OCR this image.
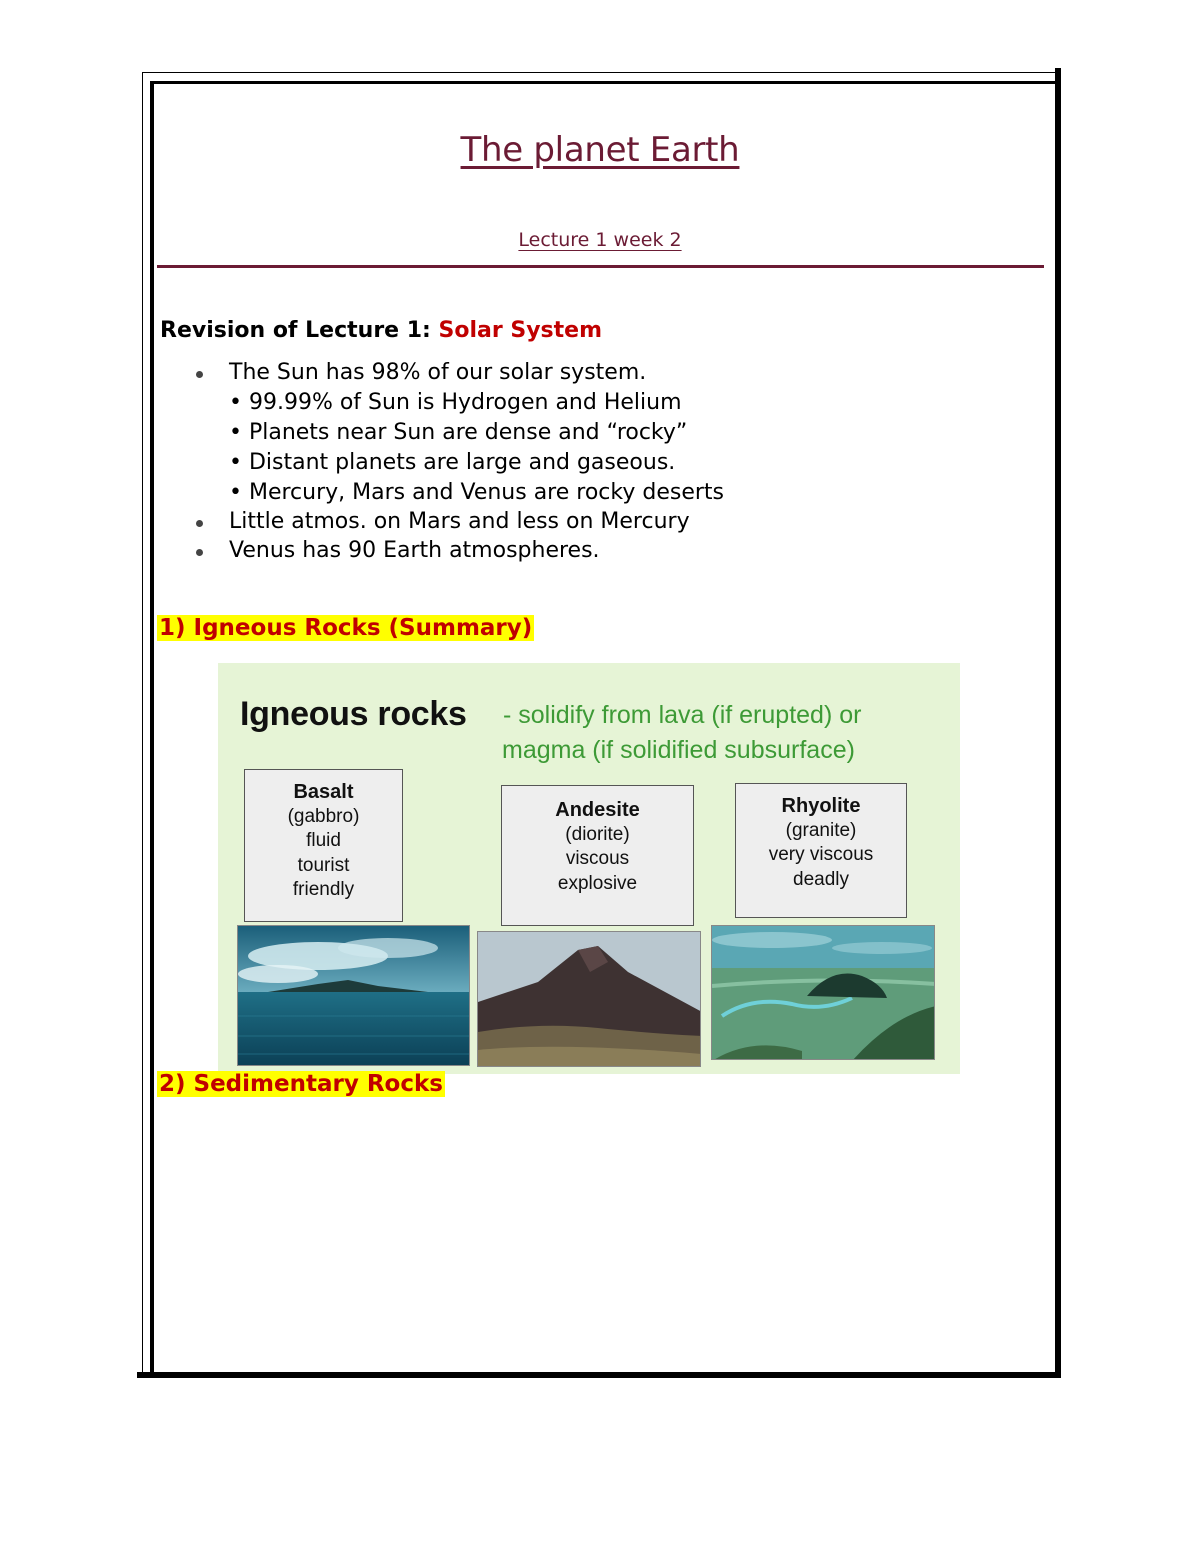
The planet Earth
Lecture 1 week 2
Revision of Lecture 1: Solar System
1) Igneous Rocks (Summary)
Igneous rocks - solidify from lava (if erupted) or
magma (if solidified subsurface)
Basalt
(gabbro)
fluid
tourist
friendly
Andesite
(diorite)
viscous
explosive
Rhyolite
(granite)
very viscous
deadly
2) Sedimentary Rocks
The Sun has 98% of our solar system.
• 99.99% of Sun is Hydrogen and Helium
• Planets near Sun are dense and “rocky”
• Distant planets are large and gaseous.
• Mercury, Mars and Venus are rocky deserts
Little atmos. on Mars and less on Mercury
Venus has 90 Earth atmospheres.
